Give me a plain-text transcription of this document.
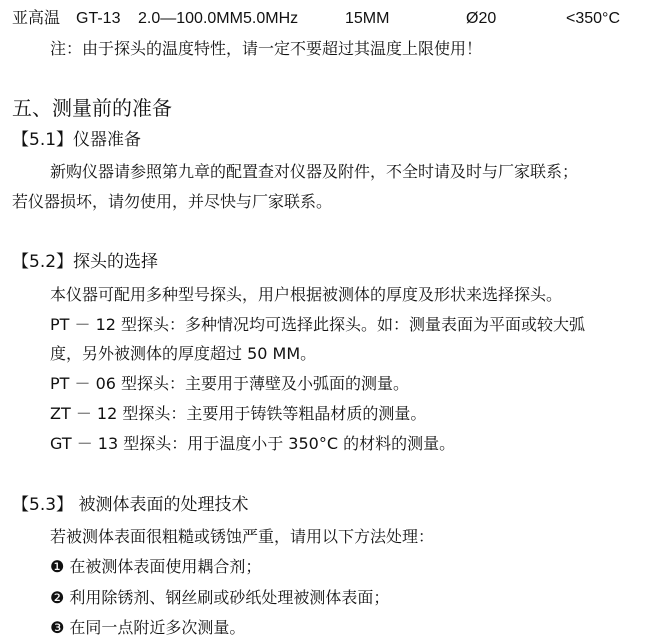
亚高温 GT-13 2.0—100.0MM 5.0MHz	15MM	Ø20	<350°C
注：由于探头的温度特性，请一定不要超过其温度上限使用！
五、测量前的准备
【5.1】仪器准备
新购仪器请参照第九章的配置查对仪器及附件，不全时请及时与厂家联系；
若仪器损坏，请勿使用，并尽快与厂家联系。
【5.2】探头的选择
本仪器可配用多种型号探头，用户根据被测体的厚度及形状来选择探头。
PT － 12 型探头：多种情况均可选择此探头。如：测量表面为平面或较大弧
度，另外被测体的厚度超过 50 MM。
PT － 06 型探头：主要用于薄壁及小弧面的测量。
ZT － 12 型探头：主要用于铸铁等粗晶材质的测量。
GT － 13 型探头：用于温度小于 350°C 的材料的测量。
【5.3】 被测体表面的处理技术
若被测体表面很粗糙或锈蚀严重，请用以下方法处理：
❶ 在被测体表面使用耦合剂；
❷ 利用除锈剂、钢丝刷或砂纸处理被测体表面；
❸ 在同一点附近多次测量。
